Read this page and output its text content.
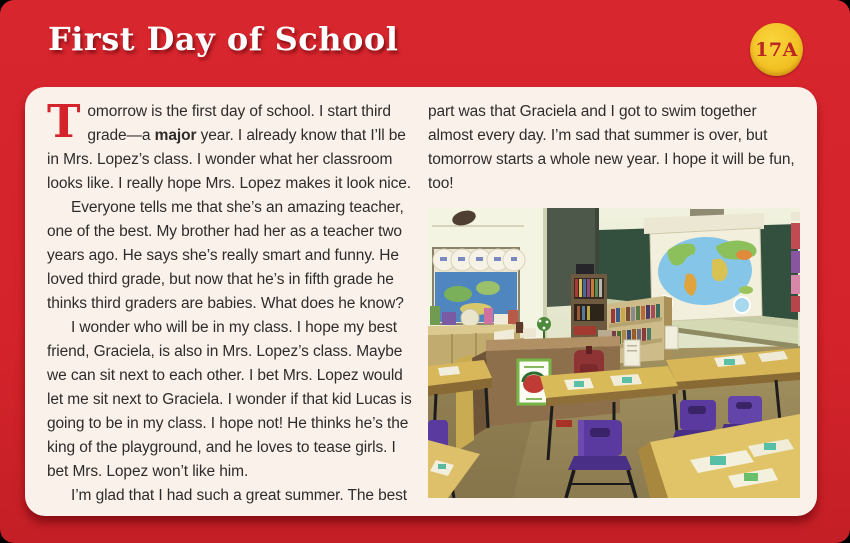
First Day of School	17A

Tomorrow is the first day of school. I start third grade—a major year. I already know that I’ll be in Mrs. Lopez’s class. I wonder what her classroom looks like. I really hope Mrs. Lopez makes it look nice.

Everyone tells me that she’s an amazing teacher, one of the best. My brother had her as a teacher two years ago. He says she’s really smart and funny. He loved third grade, but now that he’s in fifth grade he thinks third graders are babies. What does he know?

I wonder who will be in my class. I hope my best friend, Graciela, is also in Mrs. Lopez’s class. Maybe we can sit next to each other. I bet Mrs. Lopez would let me sit next to Graciela. I wonder if that kid Lucas is going to be in my class. I hope not! He thinks he’s the king of the playground, and he loves to tease girls. I bet Mrs. Lopez won’t like him.

I’m glad that I had such a great summer. The best

part was that Graciela and I got to swim together almost every day. I’m sad that summer is over, but tomorrow starts a whole new year. I hope it will be fun, too!
